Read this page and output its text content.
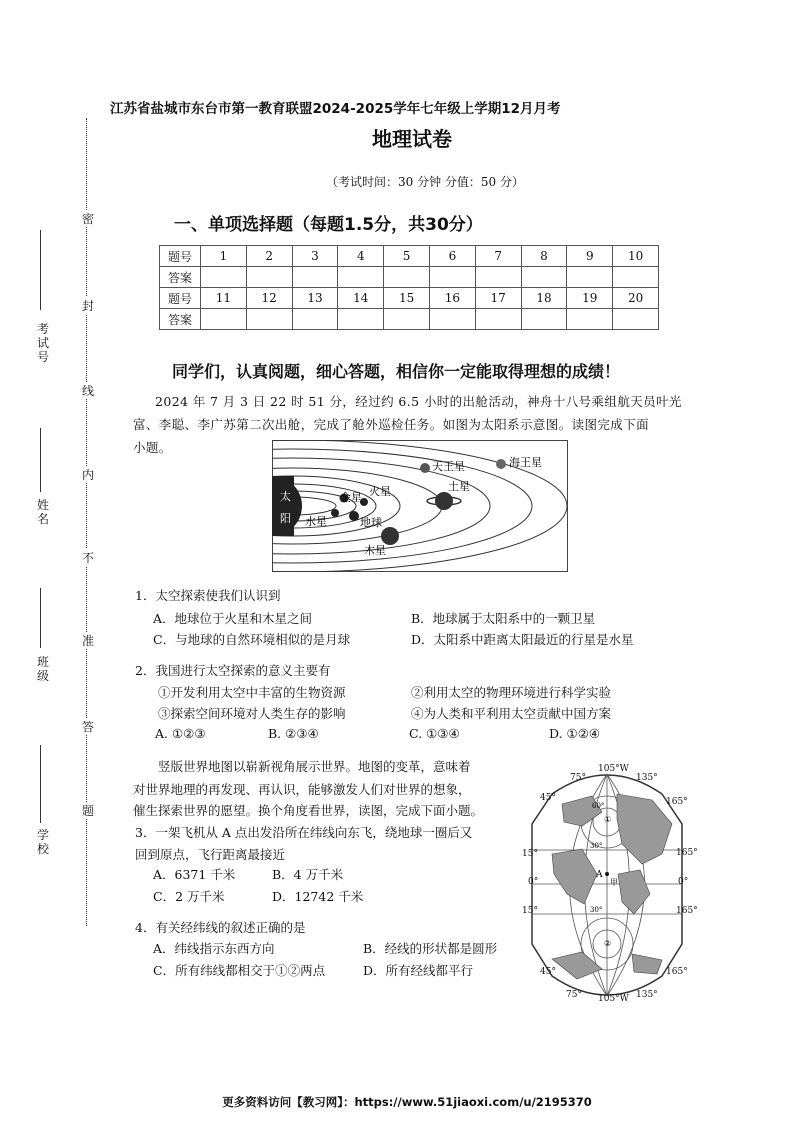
密
封
线
内
不
准
答
题
考试号
姓　名
班　级
学校
江苏省盐城市东台市第一教育联盟2024-2025学年七年级上学期12月月考
地理试卷
（考试时间：30 分钟 分值：50 分）
一、单项选择题（每题1.5分，共30分）
题号	1	2	3	4	5	6	7	8	9	10
答案										
题号	11	12	13	14	15	16	17	18	19	20
答案										
同学们，认真阅题，细心答题，相信你一定能取得理想的成绩！
2024 年 7 月 3 日 22 时 51 分，经过约 6.5 小时的出舱活动，神舟十八号乘组航天员叶光
富、李聪、李广苏第二次出舱，完成了舱外巡检任务。如图为太阳系示意图。读图完成下面
小题。
太
阳 水星
金星
地球
火星
木星
土星
天王星	海王星
1．太空探索使我们认识到
A．地球位于火星和木星之间	B．地球属于太阳系中的一颗卫星
C．与地球的自然环境相似的是月球	D．太阳系中距离太阳最近的行星是水星
2．我国进行太空探索的意义主要有
①开发利用太空中丰富的生物资源	②利用太空的物理环境进行科学实验
③探索空间环境对人类生存的影响	④为人类和平利用太空贡献中国方案
A. ①②③	B. ②③④	C. ①③④	D. ①②④
竖版世界地图以崭新视角展示世界。地图的变革，意味着
对世界地理的再发现、再认识，能够激发人们对世界的想象，
催生探索世界的愿望。换个角度看世界，读图，完成下面小题。
3．一架飞机从 A 点出发沿所在纬线向东飞，绕地球一圈后又
回到原点，飞行距离最接近
A．6371 千米	B．4 万千米
C．2 万千米	D．12742 千米
4．有关经纬线的叙述正确的是
A．纬线指示东西方向	B．经线的形状都是圆形
C．所有纬线都相交于①②两点	D．所有经线都平行
A
甲
①
②
30°
30°
60°
105°W
75°	135°
45°
15°
0°
15°
45°
165°
165°
0°
165°
165°
75° 105°W 135°
更多资料访问【教习网】：https://www.51jiaoxi.com/u/2195370
